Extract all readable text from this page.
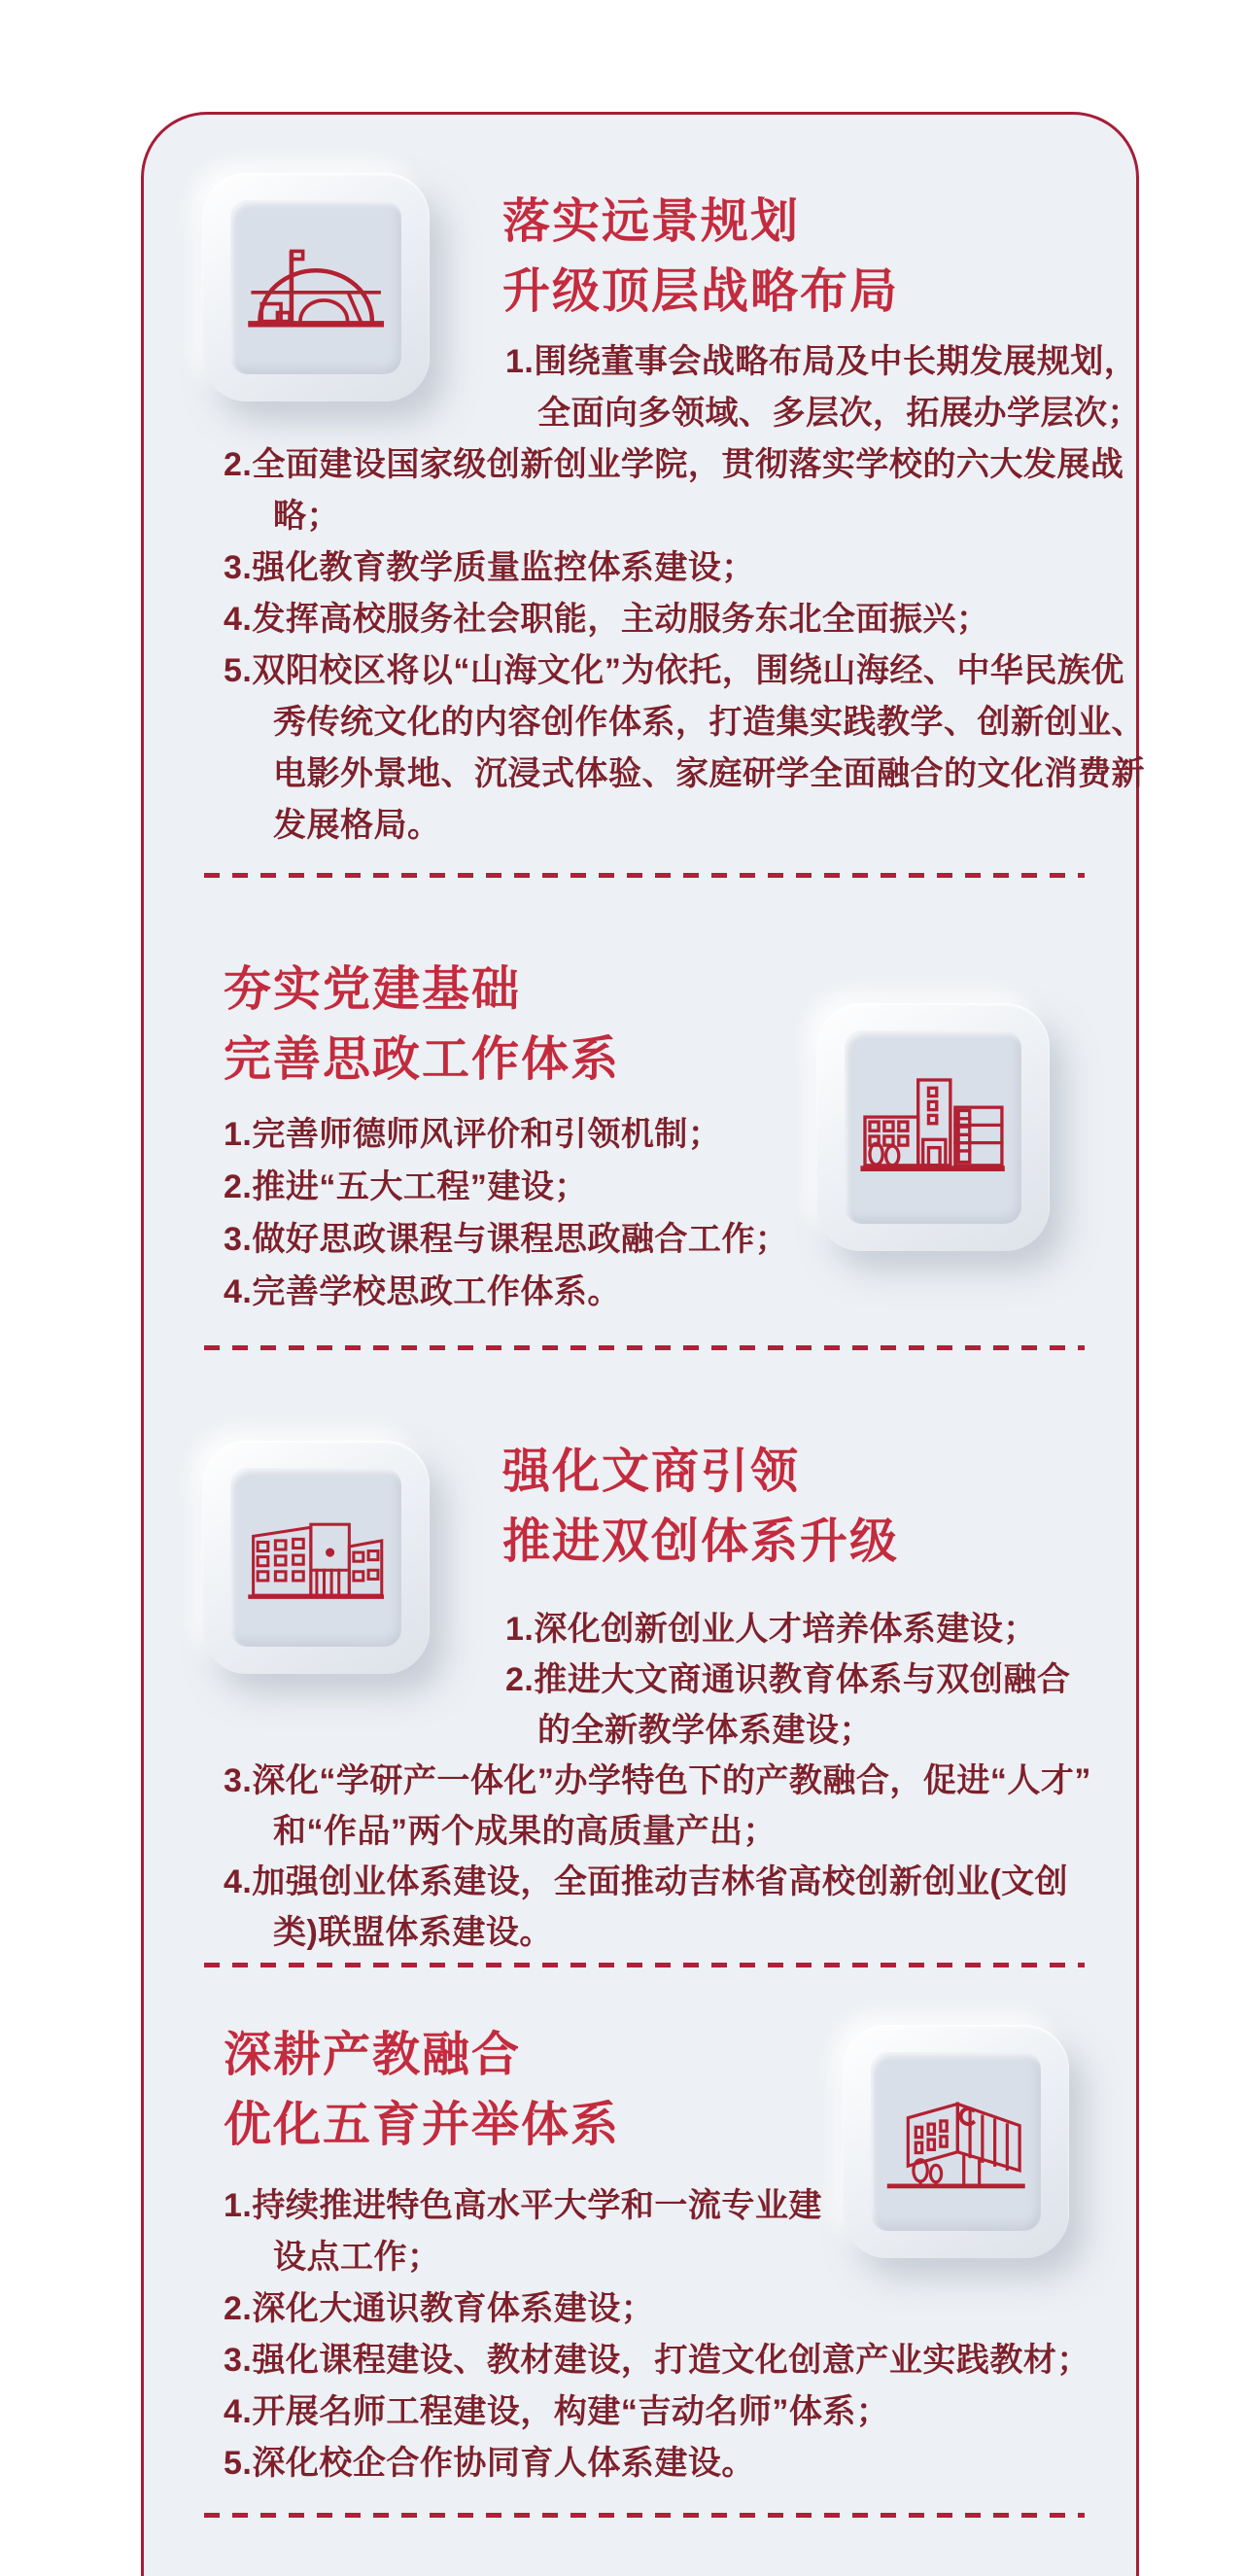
落实远景规划
升级顶层战略布局
1.围绕董事会战略布局及中长期发展规划，
全面向多领域、多层次，拓展办学层次；
2.全面建设国家级创新创业学院，贯彻落实学校的六大发展战
略；
3.强化教育教学质量监控体系建设；
4.发挥高校服务社会职能，主动服务东北全面振兴；
5.双阳校区将以“山海文化”为依托，围绕山海经、中华民族优
秀传统文化的内容创作体系，打造集实践教学、创新创业、
电影外景地、沉浸式体验、家庭研学全面融合的文化消费新
发展格局。
夯实党建基础
完善思政工作体系
1.完善师德师风评价和引领机制；
2.推进“五大工程”建设；
3.做好思政课程与课程思政融合工作；
4.完善学校思政工作体系。
强化文商引领
推进双创体系升级
1.深化创新创业人才培养体系建设；
2.推进大文商通识教育体系与双创融合
的全新教学体系建设；
3.深化“学研产一体化”办学特色下的产教融合，促进“人才”
和“作品”两个成果的高质量产出；
4.加强创业体系建设，全面推动吉林省高校创新创业(文创
类)联盟体系建设。
深耕产教融合
优化五育并举体系
1.持续推进特色高水平大学和一流专业建
设点工作；
2.深化大通识教育体系建设；
3.强化课程建设、教材建设，打造文化创意产业实践教材；
4.开展名师工程建设，构建“吉动名师”体系；
5.深化校企合作协同育人体系建设。
